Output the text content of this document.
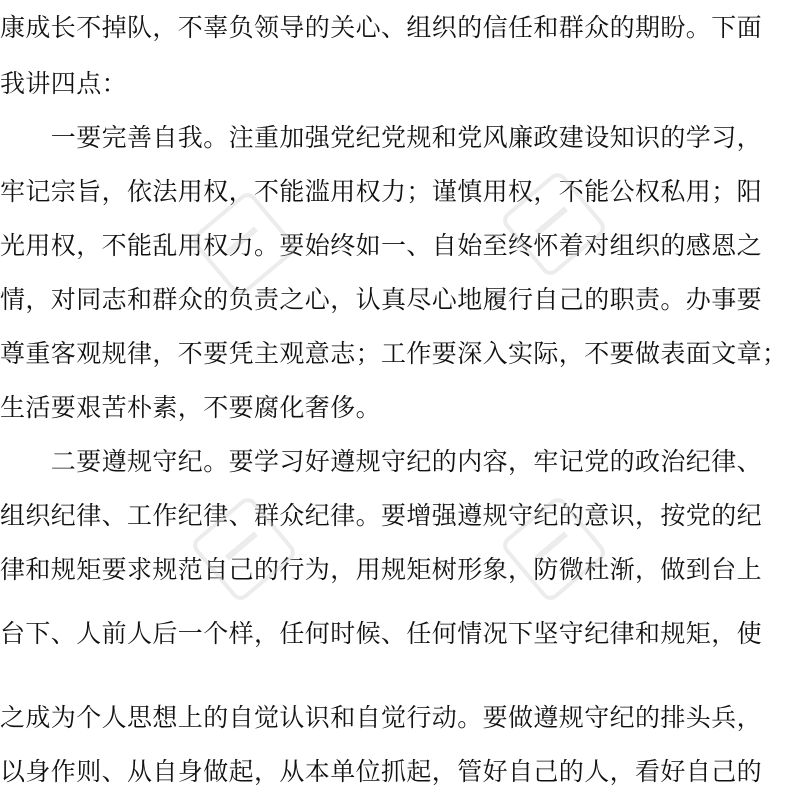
康成长不掉队，不辜负领导的关心、组织的信任和群众的期盼。下面
我讲四点：
　　一要完善自我。注重加强党纪党规和党风廉政建设知识的学习，
牢记宗旨，依法用权，不能滥用权力；谨慎用权，不能公权私用；阳
光用权，不能乱用权力。要始终如一、自始至终怀着对组织的感恩之
情，对同志和群众的负责之心，认真尽心地履行自己的职责。办事要
尊重客观规律，不要凭主观意志；工作要深入实际，不要做表面文章；
生活要艰苦朴素，不要腐化奢侈。
　　二要遵规守纪。要学习好遵规守纪的内容，牢记党的政治纪律、
组织纪律、工作纪律、群众纪律。要增强遵规守纪的意识，按党的纪
律和规矩要求规范自己的行为，用规矩树形象，防微杜渐，做到台上
台下、人前人后一个样，任何时候、任何情况下坚守纪律和规矩，使
之成为个人思想上的自觉认识和自觉行动。要做遵规守纪的排头兵，
以身作则、从自身做起，从本单位抓起，管好自己的人，看好自己的
